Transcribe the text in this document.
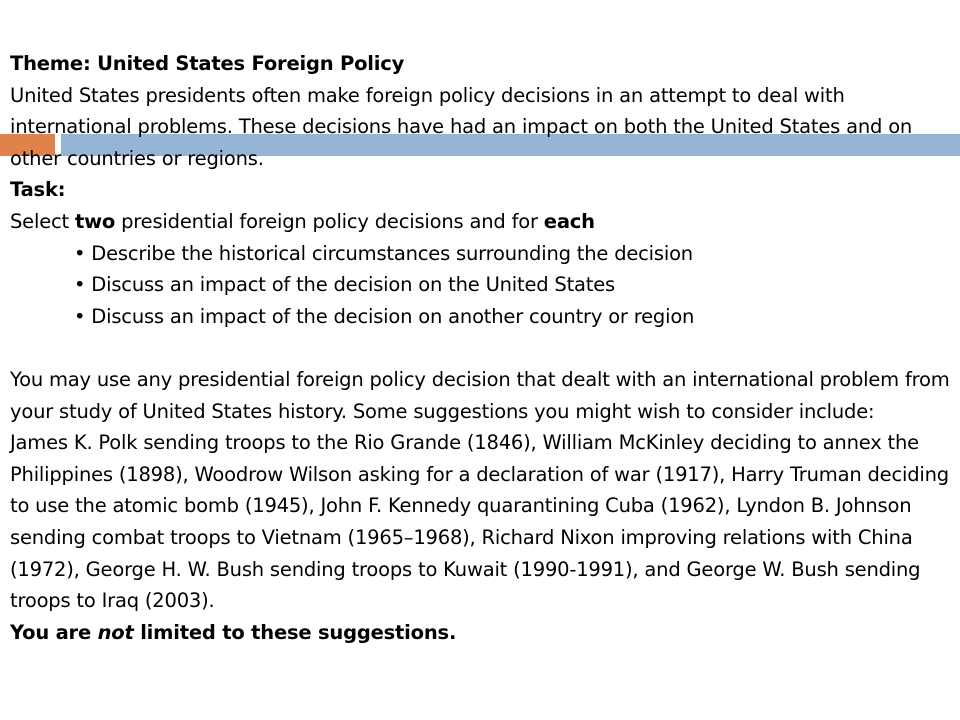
Theme: United States Foreign Policy

United States presidents often make foreign policy decisions in an attempt to deal with international problems. These decisions have had an impact on both the United States and on other countries or regions.

Task:

Select two presidential foreign policy decisions and for each

• Describe the historical circumstances surrounding the decision

• Discuss an impact of the decision on the United States

• Discuss an impact of the decision on another country or region

You may use any presidential foreign policy decision that dealt with an international problem from your study of United States history. Some suggestions you might wish to consider include:

James K. Polk sending troops to the Rio Grande (1846), William McKinley deciding to annex the Philippines (1898), Woodrow Wilson asking for a declaration of war (1917), Harry Truman deciding to use the atomic bomb (1945), John F. Kennedy quarantining Cuba (1962), Lyndon B. Johnson sending combat troops to Vietnam (1965–1968), Richard Nixon improving relations with China (1972), George H. W. Bush sending troops to Kuwait (1990-1991), and George W. Bush sending troops to Iraq (2003).

You are not limited to these suggestions.
